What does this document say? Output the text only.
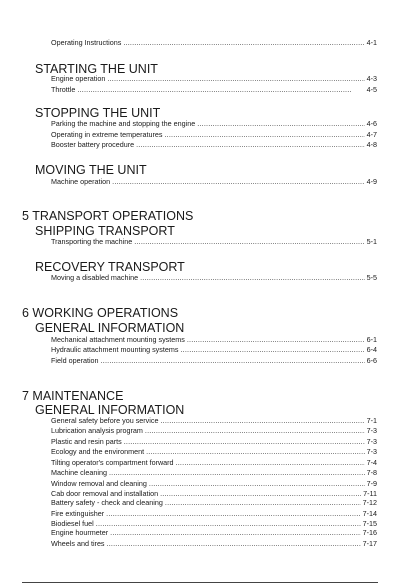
Operating Instructions . . .	4-1
STARTING THE UNIT
Engine operation . . .	4-3
Throttle . . .	4-5
STOPPING THE UNIT
Parking the machine and stopping the engine . . .	4-6
Operating in extreme temperatures . . .	4-7
Booster battery procedure . . .	4-8
MOVING THE UNIT
Machine operation . . .	4-9
5 TRANSPORT OPERATIONS
SHIPPING TRANSPORT
Transporting the machine . . .	5-1
RECOVERY TRANSPORT
Moving a disabled machine . . .	5-5
6 WORKING OPERATIONS
GENERAL INFORMATION
Mechanical attachment mounting systems . . .	6-1
Hydraulic attachment mounting systems . . .	6-4
Field operation . . .	6-6
7 MAINTENANCE
GENERAL INFORMATION
General safety before you service . . .	7-1
Lubrication analysis program . . .	7-3
Plastic and resin parts . . .	7-3
Ecology and the environment . . .	7-3
Tilting operator's compartment forward . . .	7-4
Machine cleaning . . .	7-8
Window removal and cleaning . . .	7-9
Cab door removal and installation . . .	7-11
Battery safety - check and cleaning . . .	7-12
Fire extinguisher . . .	7-14
Biodiesel fuel . . .	7-15
Engine hourmeter . . .	7-16
Wheels and tires . . .	7-17
